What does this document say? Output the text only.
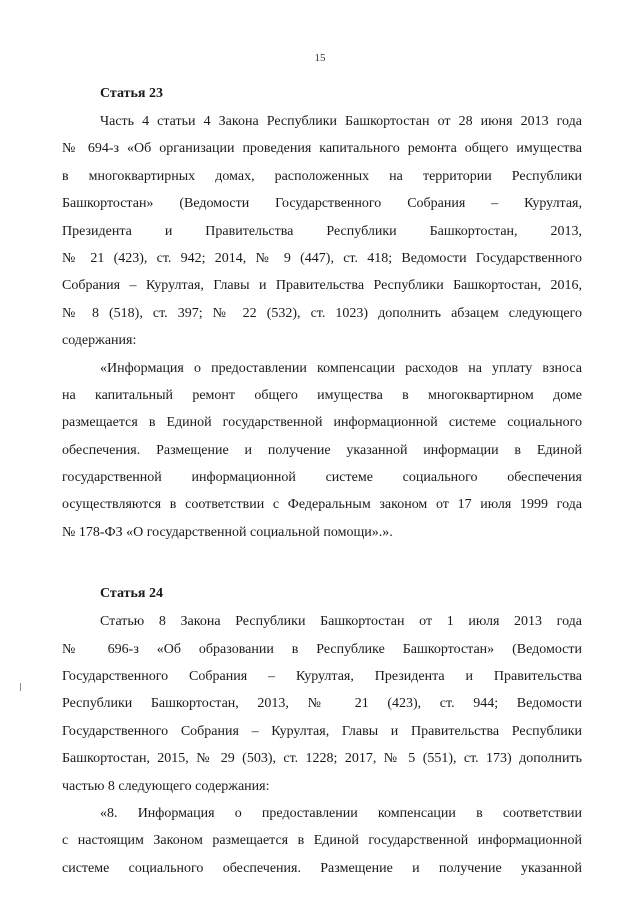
15
Статья 23
Часть 4 статьи 4 Закона Республики Башкортостан от 28 июня 2013 года
№ 694-з «Об организации проведения капитального ремонта общего имущества
в многоквартирных домах, расположенных на территории Республики
Башкортостан» (Ведомости Государственного Собрания – Курултая,
Президента и Правительства Республики Башкортостан, 2013,
№ 21 (423), ст. 942; 2014, № 9 (447), ст. 418; Ведомости Государственного
Собрания – Курултая, Главы и Правительства Республики Башкортостан, 2016,
№ 8 (518), ст. 397; № 22 (532), ст. 1023) дополнить абзацем следующего
содержания:
«Информация о предоставлении компенсации расходов на уплату взноса
на капитальный ремонт общего имущества в многоквартирном доме
размещается в Единой государственной информационной системе социального
обеспечения. Размещение и получение указанной информации в Единой
государственной информационной системе социального обеспечения
осуществляются в соответствии с Федеральным законом от 17 июля 1999 года
№ 178-ФЗ «О государственной социальной помощи».».
Статья 24
Статью 8 Закона Республики Башкортостан от 1 июля 2013 года
№ 696-з «Об образовании в Республике Башкортостан» (Ведомости
Государственного Собрания – Курултая, Президента и Правительства
Республики Башкортостан, 2013, № 21 (423), ст. 944; Ведомости
Государственного Собрания – Курултая, Главы и Правительства Республики
Башкортостан, 2015, № 29 (503), ст. 1228; 2017, № 5 (551), ст. 173) дополнить
частью 8 следующего содержания:
«8. Информация о предоставлении компенсации в соответствии
с настоящим Законом размещается в Единой государственной информационной
системе социального обеспечения. Размещение и получение указанной
